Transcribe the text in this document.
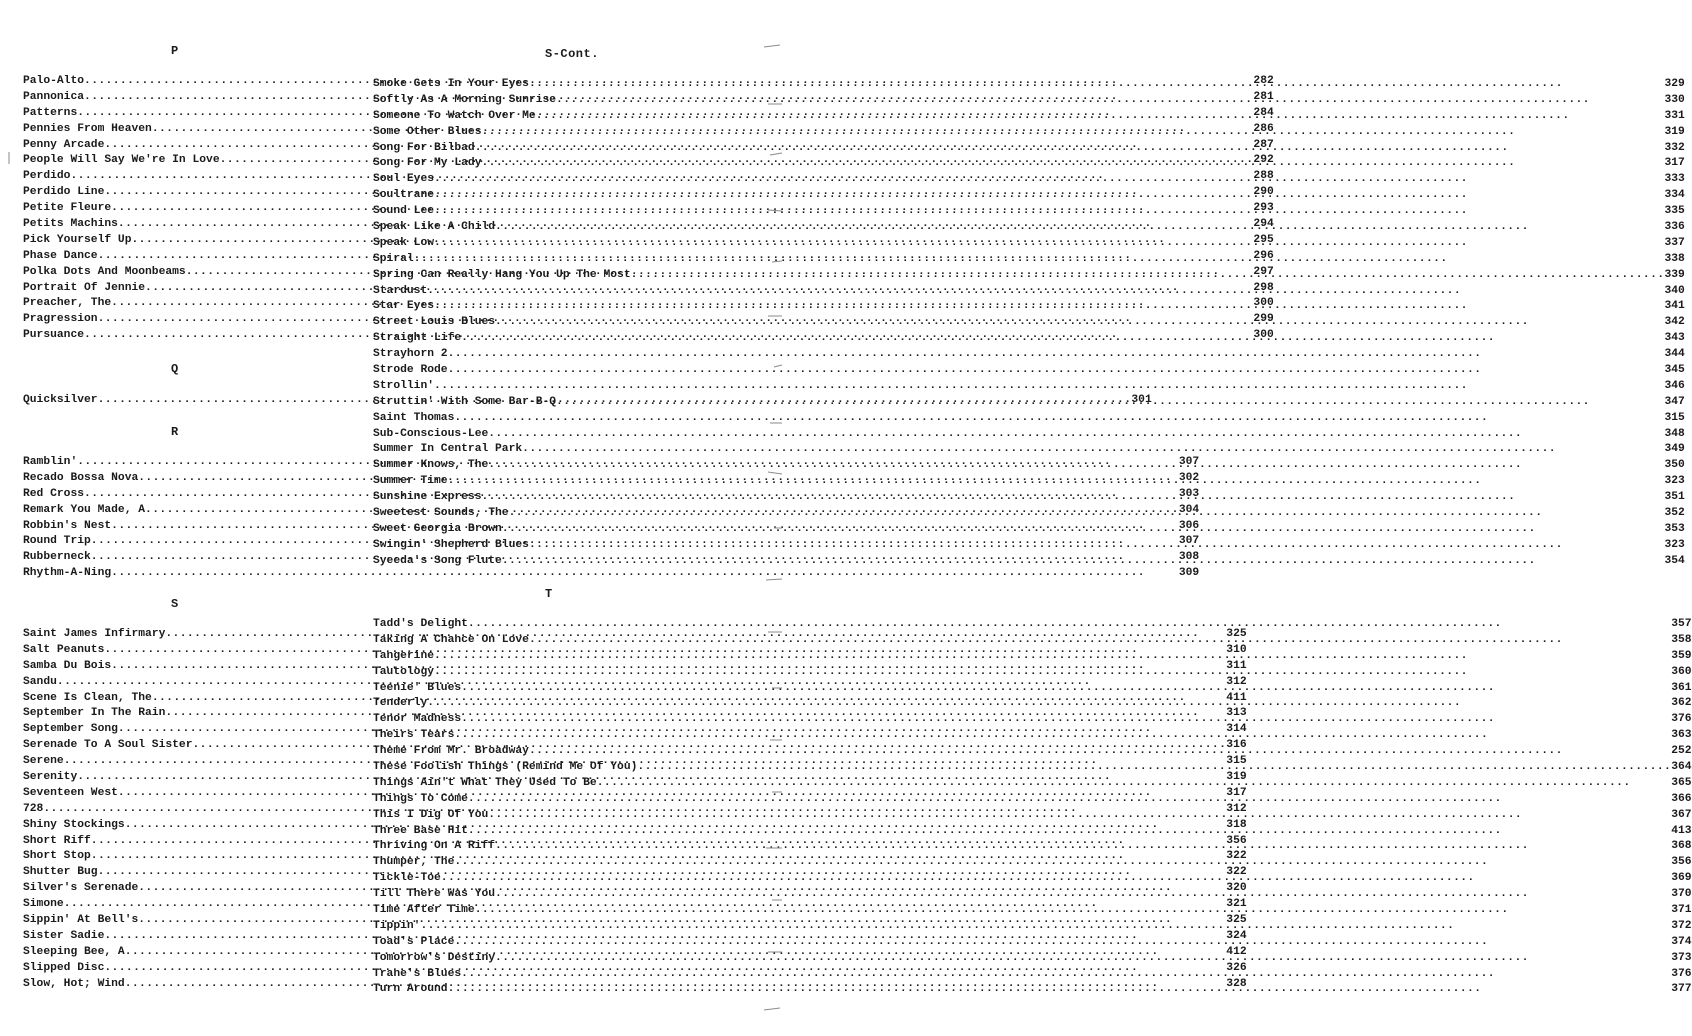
P
Palo-Alto .....	282
Pannonica .....	281
Patterns .....	284
Pennies From Heaven .....	286
Penny Arcade .....	287
People Will Say We're In Love .....	292
Perdido .....	288
Perdido Line .....	290
Petite Fleure .....	293
Petits Machins .....	294
Pick Yourself Up .....	295
Phase Dance .....	296
Polka Dots And Moonbeams .....	297
Portrait Of Jennie .....	298
Preacher, The .....	300
Pragression .....	299
Pursuance .....	300
Q
Quicksilver .....	301
R
Ramblin' .....	307
Recado Bossa Nova .....	302
Red Cross .....	303
Remark You Made, A .....	304
Robbin's Nest .....	306
Round Trip .....	307
Rubberneck .....	308
Rhythm-A-Ning .....	309
S
Saint James Infirmary .....	325
Salt Peanuts .....	310
Samba Du Bois .....	311
Sandu .....	312
Scene Is Clean, The .....	411
September In The Rain .....	313
September Song .....	314
Serenade To A Soul Sister .....	316
Serene .....	315
Serenity .....	319
Seventeen West .....	317
728 .....	312
Shiny Stockings .....	318
Short Riff .....	356
Short Stop .....	322
Shutter Bug .....	322
Silver's Serenade .....	320
Simone .....	321
Sippin' At Bell's .....	325
Sister Sadie .....	324
Sleeping Bee, A .....	412
Slipped Disc .....	326
Slow, Hot; Wind .....	328
S-Cont.
Smoke Gets In Your Eyes .....	329
Softly As A Morning Sunrise .....	330
Someone To Watch Over Me .....	331
Some Other Blues .....	319
Song For Bilbad .....	332
Song For My Lady .....	317
Soul Eyes .....	333
Soultrane .....	334
Sound Lee .....	335
Speak Like A Child .....	336
Speak Low .....	337
Spiral .....	338
Spring Can Really Hang You Up The Most .....	339
Stardust .....	340
Star Eyes .....	341
Street Louis Blues .....	342
Straight Life .....	343
Strayhorn 2 .....	344
Strode Rode .....	345
Strollin' .....	346
Struttin' With Some Bar-B-Q .....	347
Saint Thomas .....	315
Sub-Conscious-Lee .....	348
Summer In Central Park .....	349
Summer Knows, The .....	350
Summer Time .....	323
Sunshine Express .....	351
Sweetest Sounds, The .....	352
Sweet Georgia Brown .....	353
Swingin' Shepherd Blues .....	323
Syeeda's Song Flute .....	354
T
Tadd's Delight .....	357
Taking A Chance On Love .....	358
Tangerine .....	359
Tautology .....	360
Teenie' Blues .....	361
Tenderly .....	362
Tenor Madness .....	376
Theirs Tears .....	363
Theme From Mr. Broadway .....	252
These Foolish Things (Remind Me Of You) .....	364
Things Ain't What They Used To Be .....	365
Things To Come .....	366
This I Dig Of You .....	367
Three Base Hit .....	413
Thriving On A Riff .....	368
Thumper, The .....	356
Tickle-Toe .....	369
Till There Was You .....	370
Time After Time .....	371
Tippin' .....	372
Toad's Place .....	374
Tomorrow's Destiny .....	373
Trane's Blues .....	376
Turn Around .....	377
